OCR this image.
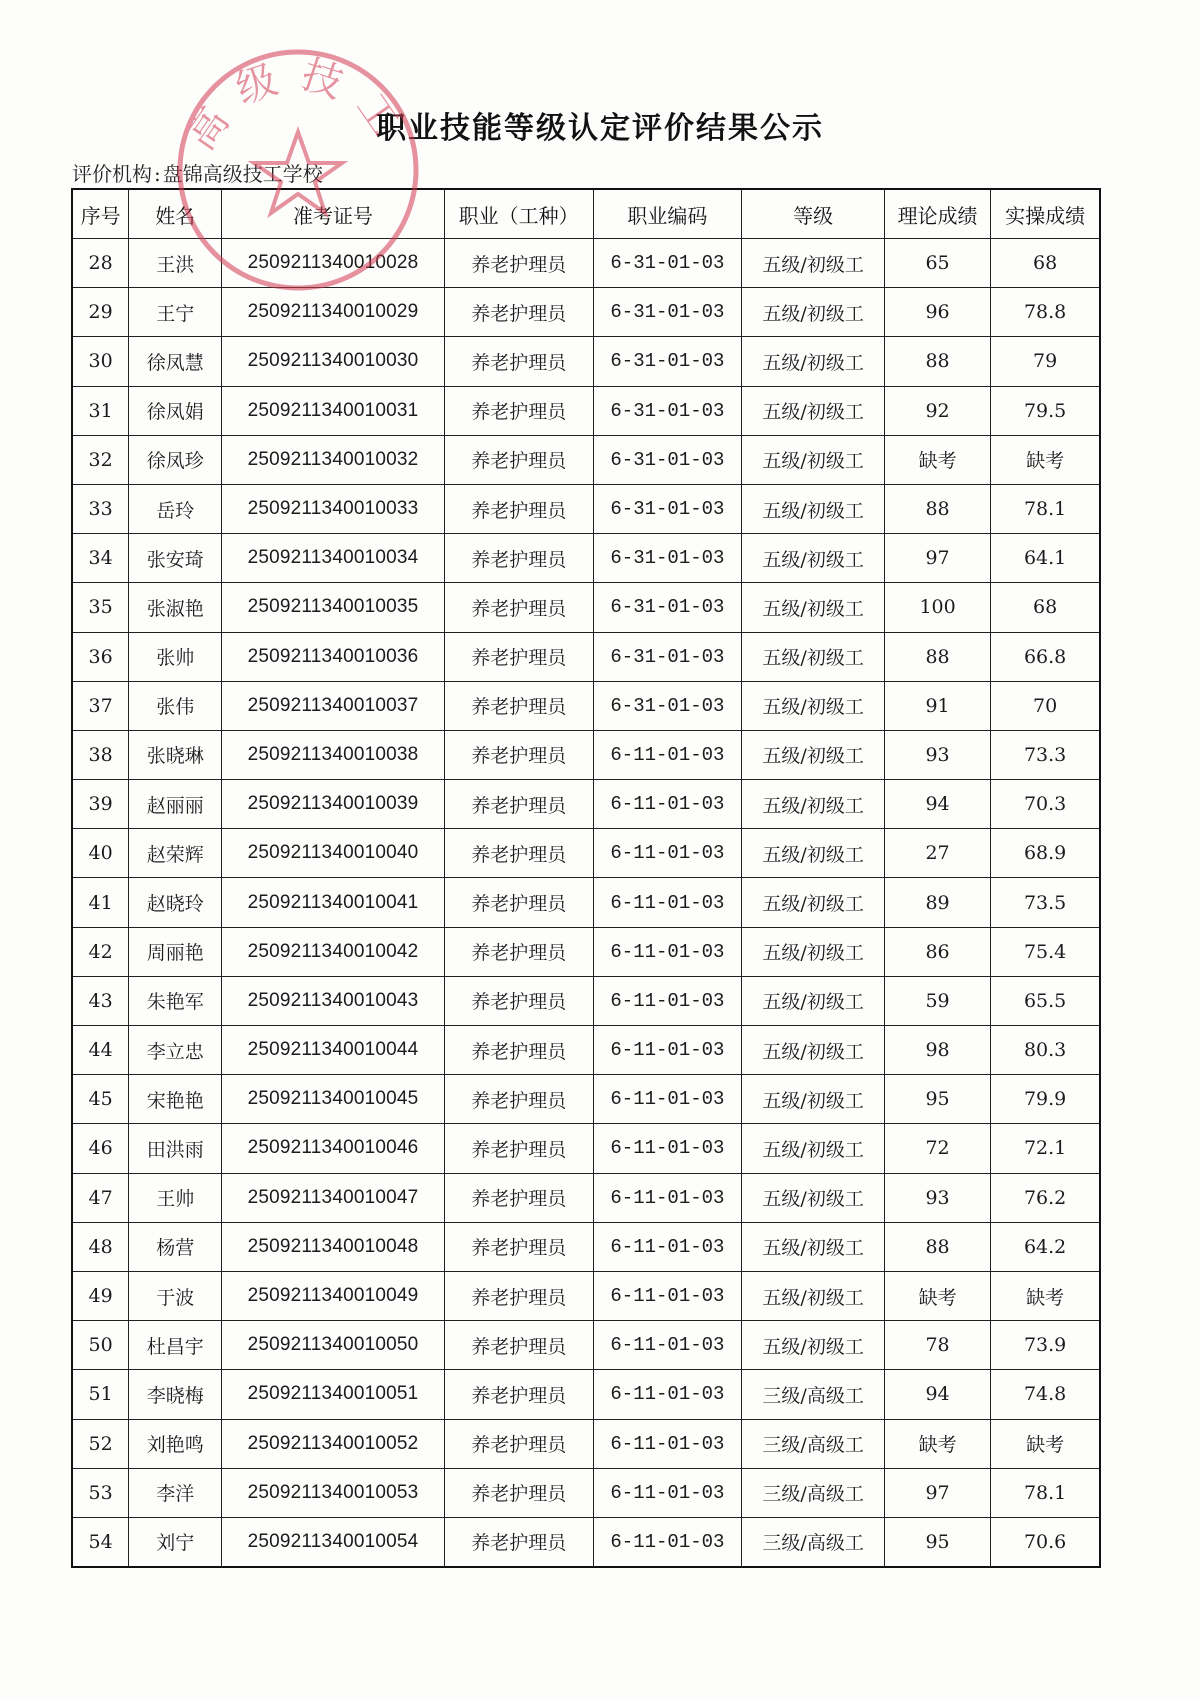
职业技能等级认定评价结果公示
评价机构 : 盘锦高级技工学校
序号	姓名	准考证号	职业（工种）	职业编码	等级	理论成绩	实操成绩
28	王洪	2509211340010028	养老护理员	6-31-01-03	五级/初级工	65	68
29	王宁	2509211340010029	养老护理员	6-31-01-03	五级/初级工	96	78.8
30	徐凤慧	2509211340010030	养老护理员	6-31-01-03	五级/初级工	88	79
31	徐凤娟	2509211340010031	养老护理员	6-31-01-03	五级/初级工	92	79.5
32	徐凤珍	2509211340010032	养老护理员	6-31-01-03	五级/初级工	缺考	缺考
33	岳玲	2509211340010033	养老护理员	6-31-01-03	五级/初级工	88	78.1
34	张安琦	2509211340010034	养老护理员	6-31-01-03	五级/初级工	97	64.1
35	张淑艳	2509211340010035	养老护理员	6-31-01-03	五级/初级工	100	68
36	张帅	2509211340010036	养老护理员	6-31-01-03	五级/初级工	88	66.8
37	张伟	2509211340010037	养老护理员	6-31-01-03	五级/初级工	91	70
38	张晓琳	2509211340010038	养老护理员	6-11-01-03	五级/初级工	93	73.3
39	赵丽丽	2509211340010039	养老护理员	6-11-01-03	五级/初级工	94	70.3
40	赵荣辉	2509211340010040	养老护理员	6-11-01-03	五级/初级工	27	68.9
41	赵晓玲	2509211340010041	养老护理员	6-11-01-03	五级/初级工	89	73.5
42	周丽艳	2509211340010042	养老护理员	6-11-01-03	五级/初级工	86	75.4
43	朱艳军	2509211340010043	养老护理员	6-11-01-03	五级/初级工	59	65.5
44	李立忠	2509211340010044	养老护理员	6-11-01-03	五级/初级工	98	80.3
45	宋艳艳	2509211340010045	养老护理员	6-11-01-03	五级/初级工	95	79.9
46	田洪雨	2509211340010046	养老护理员	6-11-01-03	五级/初级工	72	72.1
47	王帅	2509211340010047	养老护理员	6-11-01-03	五级/初级工	93	76.2
48	杨营	2509211340010048	养老护理员	6-11-01-03	五级/初级工	88	64.2
49	于波	2509211340010049	养老护理员	6-11-01-03	五级/初级工	缺考	缺考
50	杜昌宇	2509211340010050	养老护理员	6-11-01-03	五级/初级工	78	73.9
51	李晓梅	2509211340010051	养老护理员	6-11-01-03	三级/高级工	94	74.8
52	刘艳鸣	2509211340010052	养老护理员	6-11-01-03	三级/高级工	缺考	缺考
53	李洋	2509211340010053	养老护理员	6-11-01-03	三级/高级工	97	78.1
54	刘宁	2509211340010054	养老护理员	6-11-01-03	三级/高级工	95	70.6
高级技工
